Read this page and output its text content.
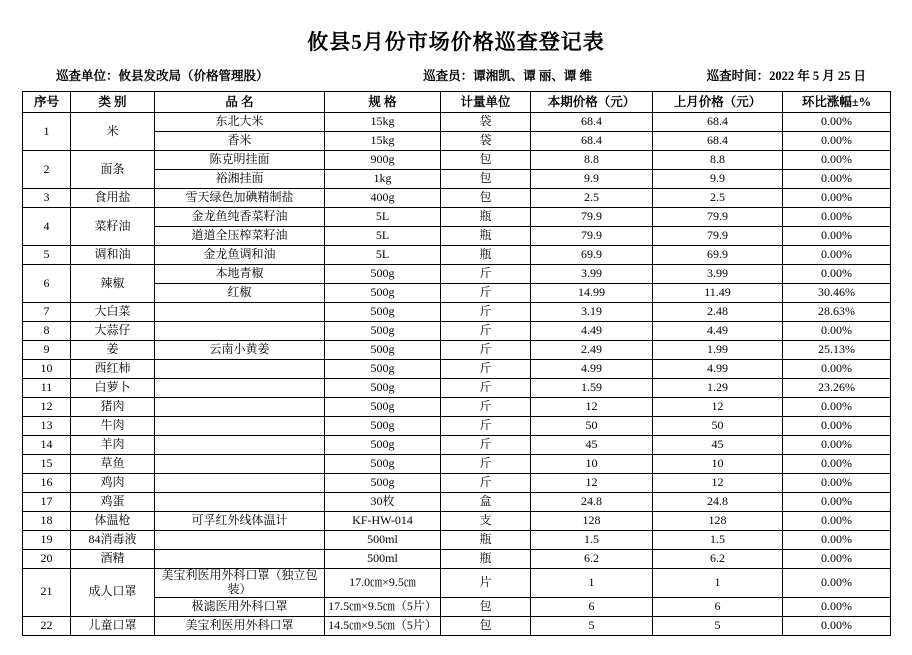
攸县5月份市场价格巡查登记表
巡查单位：攸县发改局（价格管理股）	巡查员：谭湘凯、谭 丽、谭 维	巡查时间：2022 年 5 月 25 日
序号	类 别	品 名	规 格	计量单位	本期价格（元）	上月价格（元）	环比涨幅±%
1	米	东北大米	15kg	袋	68.4	68.4	0.00%
		香米	15kg	袋	68.4	68.4	0.00%
2	面条	陈克明挂面	900g	包	8.8	8.8	0.00%
		裕湘挂面	1kg	包	9.9	9.9	0.00%
3	食用盐	雪天绿色加碘精制盐	400g	包	2.5	2.5	0.00%
4	菜籽油	金龙鱼纯香菜籽油	5L	瓶	79.9	79.9	0.00%
		道道全压榨菜籽油	5L	瓶	79.9	79.9	0.00%
5	调和油	金龙鱼调和油	5L	瓶	69.9	69.9	0.00%
6	辣椒	本地青椒	500g	斤	3.99	3.99	0.00%
		红椒	500g	斤	14.99	11.49	30.46%
7	大白菜		500g	斤	3.19	2.48	28.63%
8	大蒜仔		500g	斤	4.49	4.49	0.00%
9	姜	云南小黄姜	500g	斤	2.49	1.99	25.13%
10	西红柿		500g	斤	4.99	4.99	0.00%
11	白萝卜		500g	斤	1.59	1.29	23.26%
12	猪肉		500g	斤	12	12	0.00%
13	牛肉		500g	斤	50	50	0.00%
14	羊肉		500g	斤	45	45	0.00%
15	草鱼		500g	斤	10	10	0.00%
16	鸡肉		500g	斤	12	12	0.00%
17	鸡蛋		30枚	盒	24.8	24.8	0.00%
18	体温枪	可孚红外线体温计	KF-HW-014	支	128	128	0.00%
19	84消毒液		500ml	瓶	1.5	1.5	0.00%
20	酒精		500ml	瓶	6.2	6.2	0.00%
21	成人口罩	美宝利医用外科口罩（独立包装）	17.0㎝×9.5㎝	片	1	1	0.00%
		极滤医用外科口罩	17.5㎝×9.5㎝（5片）	包	6	6	0.00%
22	儿童口罩	美宝利医用外科口罩	14.5㎝×9.5㎝（5片）	包	5	5	0.00%
